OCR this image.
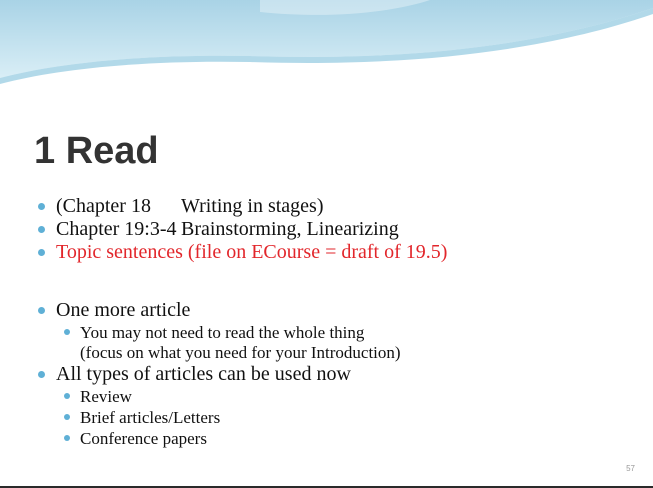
1 Read
(Chapter 18 Writing in stages)
Chapter 19:3-4 Brainstorming, Linearizing
Topic sentences (file on ECourse = draft of 19.5)
One more article
You may not need to read the whole thing
(focus on what you need for your Introduction)
All types of articles can be used now
Review
Brief articles/Letters
Conference papers
57
